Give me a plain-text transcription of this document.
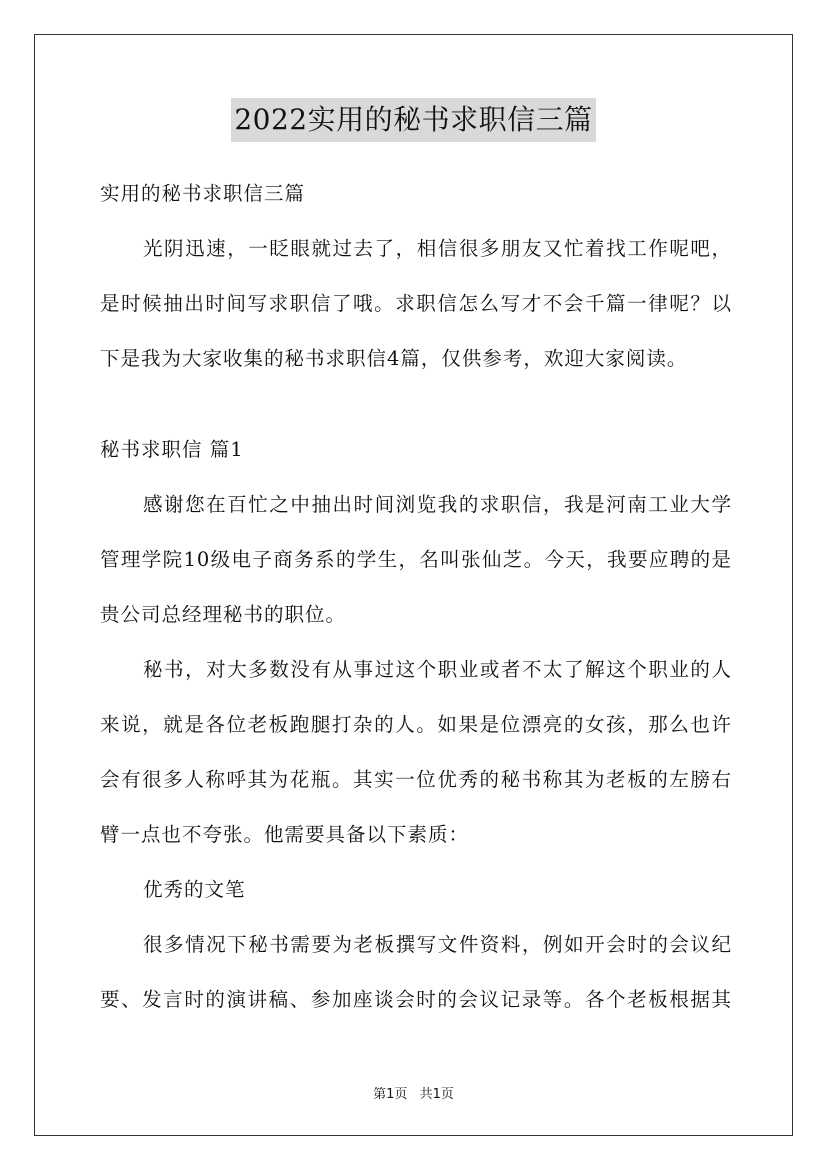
2022实用的秘书求职信三篇
实用的秘书求职信三篇
光阴迅速，一眨眼就过去了，相信很多朋友又忙着找工作呢吧，
是时候抽出时间写求职信了哦。求职信怎么写才不会千篇一律呢？以
下是我为大家收集的秘书求职信4篇，仅供参考，欢迎大家阅读。
秘书求职信 篇1
感谢您在百忙之中抽出时间浏览我的求职信，我是河南工业大学
管理学院10级电子商务系的学生，名叫张仙芝。今天，我要应聘的是
贵公司总经理秘书的职位。
秘书，对大多数没有从事过这个职业或者不太了解这个职业的人
来说，就是各位老板跑腿打杂的人。如果是位漂亮的女孩，那么也许
会有很多人称呼其为花瓶。其实一位优秀的秘书称其为老板的左膀右
臂一点也不夸张。他需要具备以下素质：
优秀的文笔
很多情况下秘书需要为老板撰写文件资料，例如开会时的会议纪
要、发言时的演讲稿、参加座谈会时的会议记录等。各个老板根据其
第1页 共1页
